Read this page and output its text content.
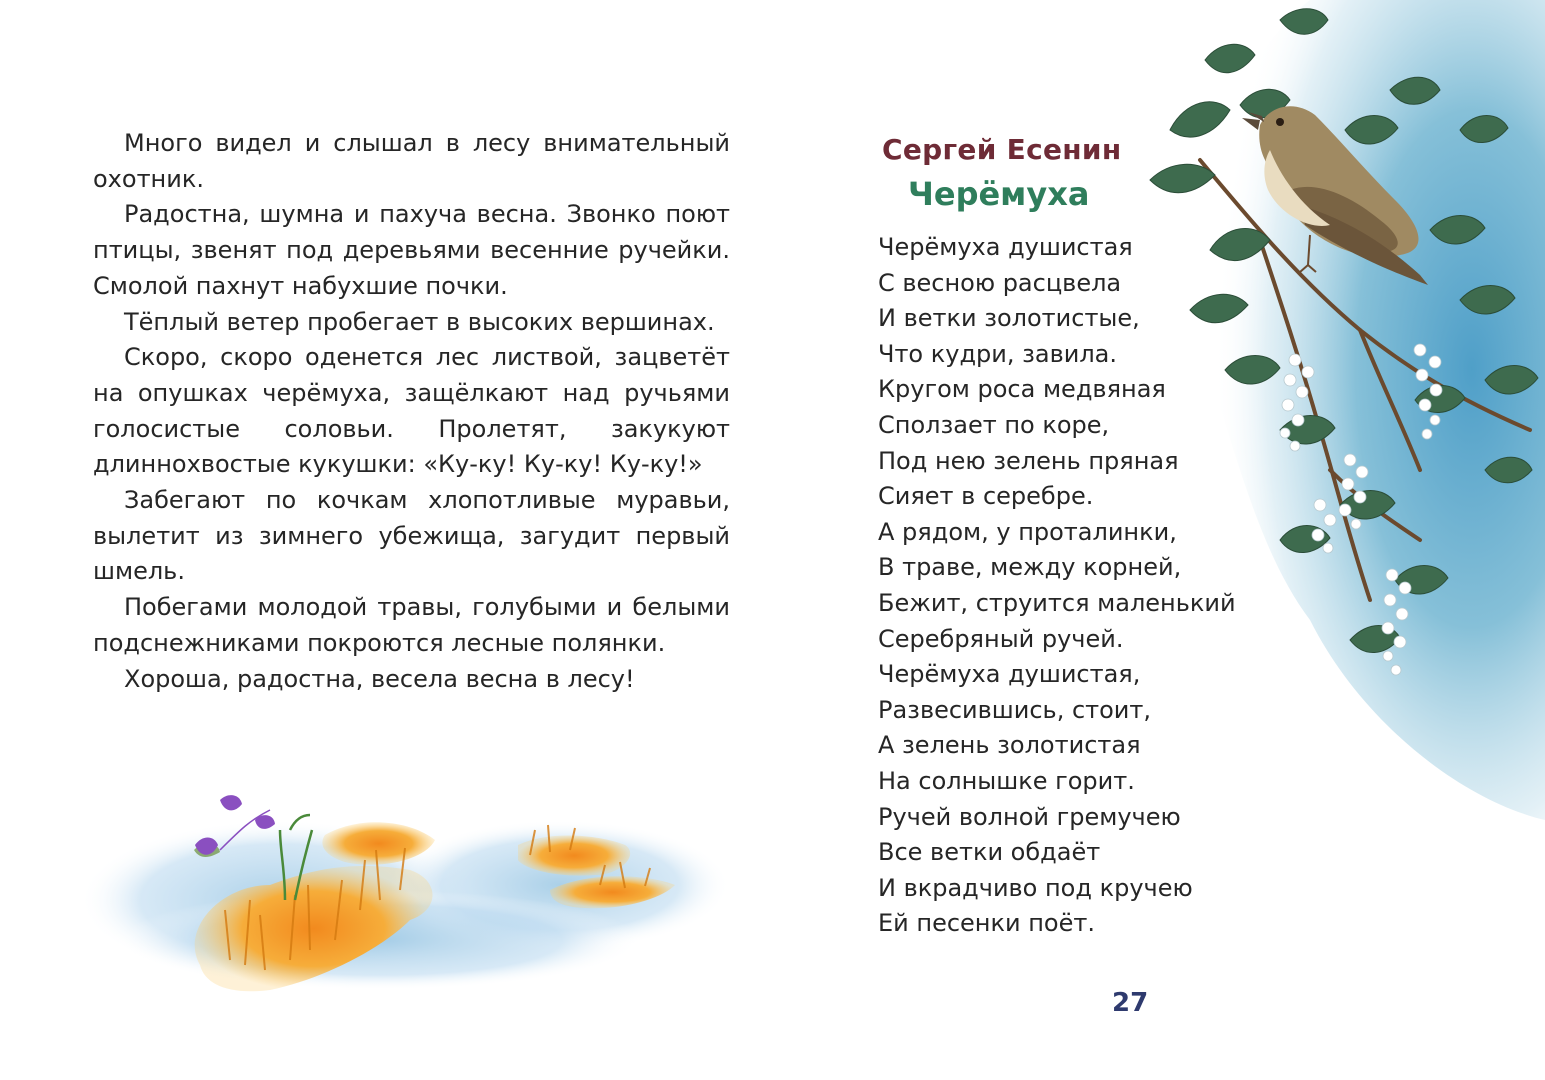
Много видел и слышал в лесу внимательный охотник.

Радостна, шумна и пахуча весна. Звонко поют птицы, звенят под деревьями весенние ручейки. Смолой пахнут набухшие почки.

Тёплый ветер пробегает в высоких вершинах.

Скоро, скоро оденется лес листвой, зацветёт на опушках черёмуха, защёлкают над ручьями голосистые соловьи. Пролетят, закукуют длиннохвостые кукушки: «Ку-ку! Ку-ку! Ку-ку!»

Забегают по кочкам хлопотливые муравьи, вылетит из зимнего убежища, загудит первый шмель.

Побегами молодой травы, голубыми и белыми подснежниками покроются лесные полянки.

Хороша, радостна, весела весна в лесу!

Сергей Есенин
Черёмуха
Черёмуха душистая
С весною расцвела
И ветки золотистые,
Что кудри, завила.
Кругом роса медвяная
Сползает по коре,
Под нею зелень пряная
Сияет в серебре.
А рядом, у проталинки,
В траве, между корней,
Бежит, струится маленький
Серебряный ручей.
Черёмуха душистая,
Развесившись, стоит,
А зелень золотистая
На солнышке горит.
Ручей волной гремучею
Все ветки обдаёт
И вкрадчиво под кручею
Ей песенки поёт.
27
